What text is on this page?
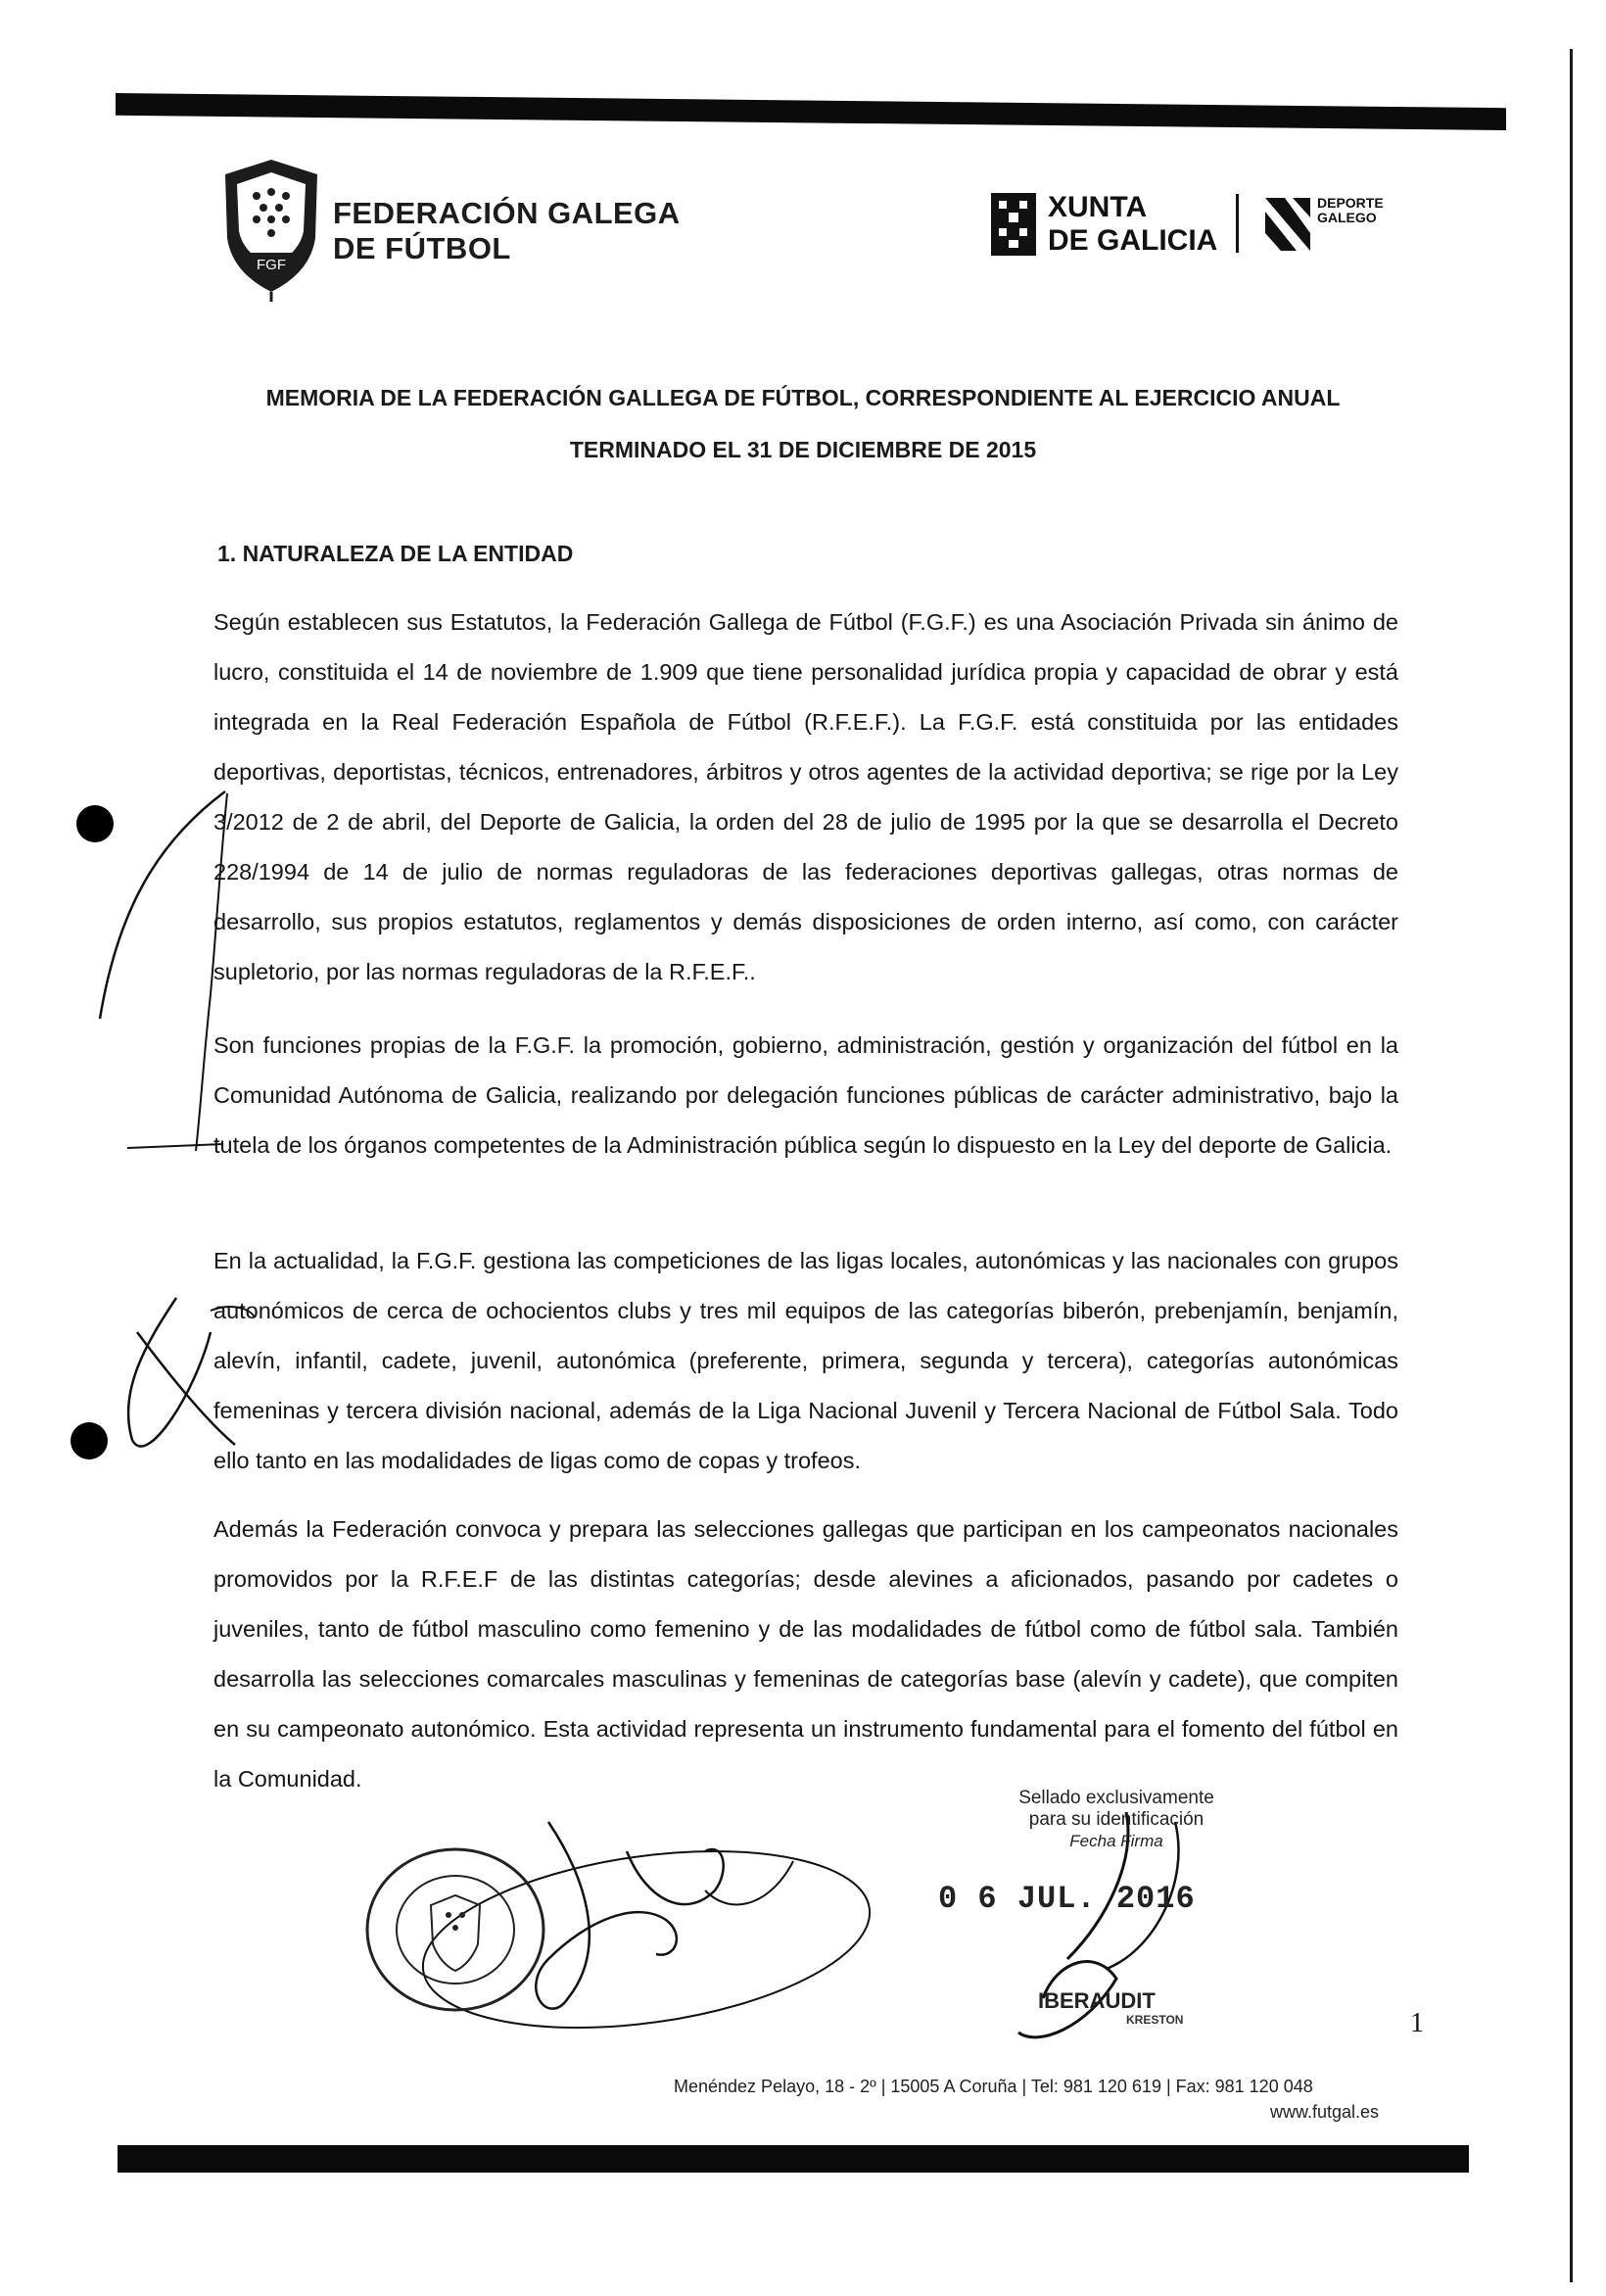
FGF
FEDERACIÓN GALEGA
DE FÚTBOL
XUNTA
DE GALICIA
DEPORTE
GALEGO
MEMORIA DE LA FEDERACIÓN GALLEGA DE FÚTBOL, CORRESPONDIENTE AL EJERCICIO ANUAL
TERMINADO EL 31 DE DICIEMBRE DE 2015
1. NATURALEZA DE LA ENTIDAD
Según establecen sus Estatutos, la Federación Gallega de Fútbol (F.G.F.) es una Asociación Privada sin ánimo de lucro, constituida el 14 de noviembre de 1.909 que tiene personalidad jurídica propia y capacidad de obrar y está integrada en la Real Federación Española de Fútbol (R.F.E.F.). La F.G.F. está constituida por las entidades deportivas, deportistas, técnicos, entrenadores, árbitros y otros agentes de la actividad deportiva; se rige por la Ley 3/2012 de 2 de abril, del Deporte de Galicia, la orden del 28 de julio de 1995 por la que se desarrolla el Decreto 228/1994 de 14 de julio de normas reguladoras de las federaciones deportivas gallegas, otras normas de desarrollo, sus propios estatutos, reglamentos y demás disposiciones de orden interno, así como, con carácter supletorio, por las normas reguladoras de la R.F.E.F..
Son funciones propias de la F.G.F. la promoción, gobierno, administración, gestión y organización del fútbol en la Comunidad Autónoma de Galicia, realizando por delegación funciones públicas de carácter administrativo, bajo la tutela de los órganos competentes de la Administración pública según lo dispuesto en la Ley del deporte de Galicia.
En la actualidad, la F.G.F. gestiona las competiciones de las ligas locales, autonómicas y las nacionales con grupos autonómicos de cerca de ochocientos clubs y tres mil equipos de las categorías biberón, prebenjamín, benjamín, alevín, infantil, cadete, juvenil, autonómica (preferente, primera, segunda y tercera), categorías autonómicas femeninas y tercera división nacional, además de la Liga Nacional Juvenil y Tercera Nacional de Fútbol Sala. Todo ello tanto en las modalidades de ligas como de copas y trofeos.
Además la Federación convoca y prepara las selecciones gallegas que participan en los campeonatos nacionales promovidos por la R.F.E.F de las distintas categorías; desde alevines a aficionados, pasando por cadetes o juveniles, tanto de fútbol masculino como femenino y de las modalidades de fútbol como de fútbol sala. También desarrolla las selecciones comarcales masculinas y femeninas de categorías base (alevín y cadete), que compiten en su campeonato autonómico. Esta actividad representa un instrumento fundamental para el fomento del fútbol en la Comunidad.
Sellado exclusivamente
para su identificación
Fecha Firma
0 6 JUL. 2016
IBERAUDIT
KRESTON	1
Menéndez Pelayo, 18 - 2º | 15005 A Coruña | Tel: 981 120 619 | Fax: 981 120 048
www.futgal.es
